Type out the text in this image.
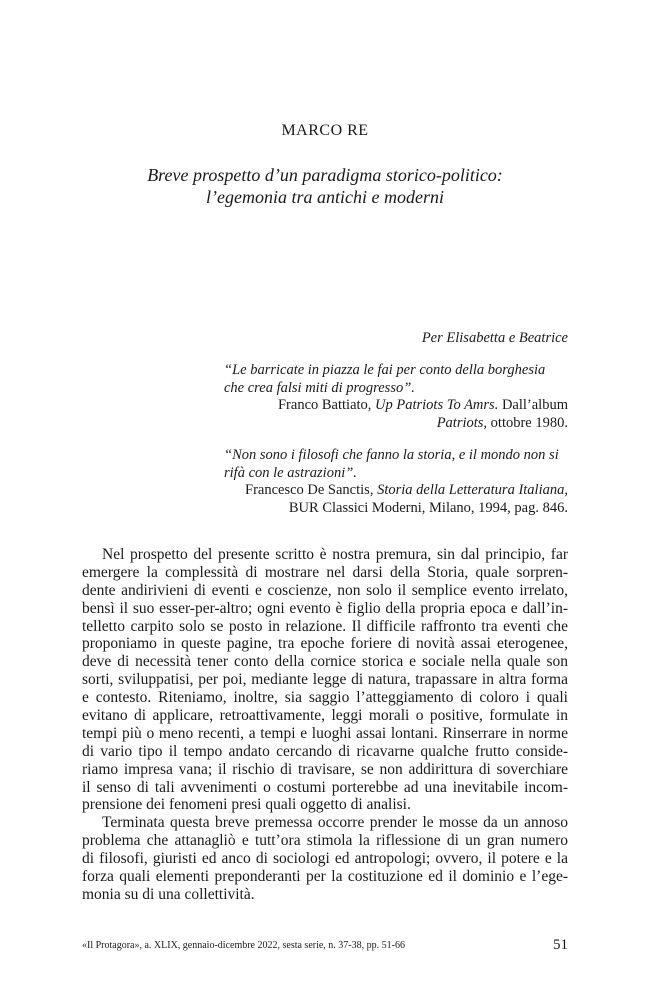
MARCO RE
Breve prospetto d’un paradigma storico-politico:
l’egemonia tra antichi e moderni
Per Elisabetta e Beatrice
“Le barricate in piazza le fai per conto della borghesia
che crea falsi miti di progresso”.
Franco Battiato, Up Patriots To Amrs. Dall’album
Patriots, ottobre 1980.
“Non sono i filosofi che fanno la storia, e il mondo non si
rifà con le astrazioni”.
Francesco De Sanctis, Storia della Letteratura Italiana,
BUR Classici Moderni, Milano, 1994, pag. 846.
Nel prospetto del presente scritto è nostra premura, sin dal principio, far
emergere la complessità di mostrare nel darsi della Storia, quale sorpren-
dente andirivieni di eventi e coscienze, non solo il semplice evento irrelato,
bensì il suo esser-per-altro; ogni evento è figlio della propria epoca e dall’in-
telletto carpito solo se posto in relazione. Il difficile raffronto tra eventi che
proponiamo in queste pagine, tra epoche foriere di novità assai eterogenee,
deve di necessità tener conto della cornice storica e sociale nella quale son
sorti, sviluppatisi, per poi, mediante legge di natura, trapassare in altra forma
e contesto. Riteniamo, inoltre, sia saggio l’atteggiamento di coloro i quali
evitano di applicare, retroattivamente, leggi morali o positive, formulate in
tempi più o meno recenti, a tempi e luoghi assai lontani. Rinserrare in norme
di vario tipo il tempo andato cercando di ricavarne qualche frutto conside-
riamo impresa vana; il rischio di travisare, se non addirittura di soverchiare
il senso di tali avvenimenti o costumi porterebbe ad una inevitabile incom-
prensione dei fenomeni presi quali oggetto di analisi.
Terminata questa breve premessa occorre prender le mosse da un annoso
problema che attanagliò e tutt’ora stimola la riflessione di un gran numero
di filosofi, giuristi ed anco di sociologi ed antropologi; ovvero, il potere e la
forza quali elementi preponderanti per la costituzione ed il dominio e l’ege-
monia su di una collettività.
«Il Protagora», a. XLIX, gennaio-dicembre 2022, sesta serie, n. 37-38, pp. 51-66	51
